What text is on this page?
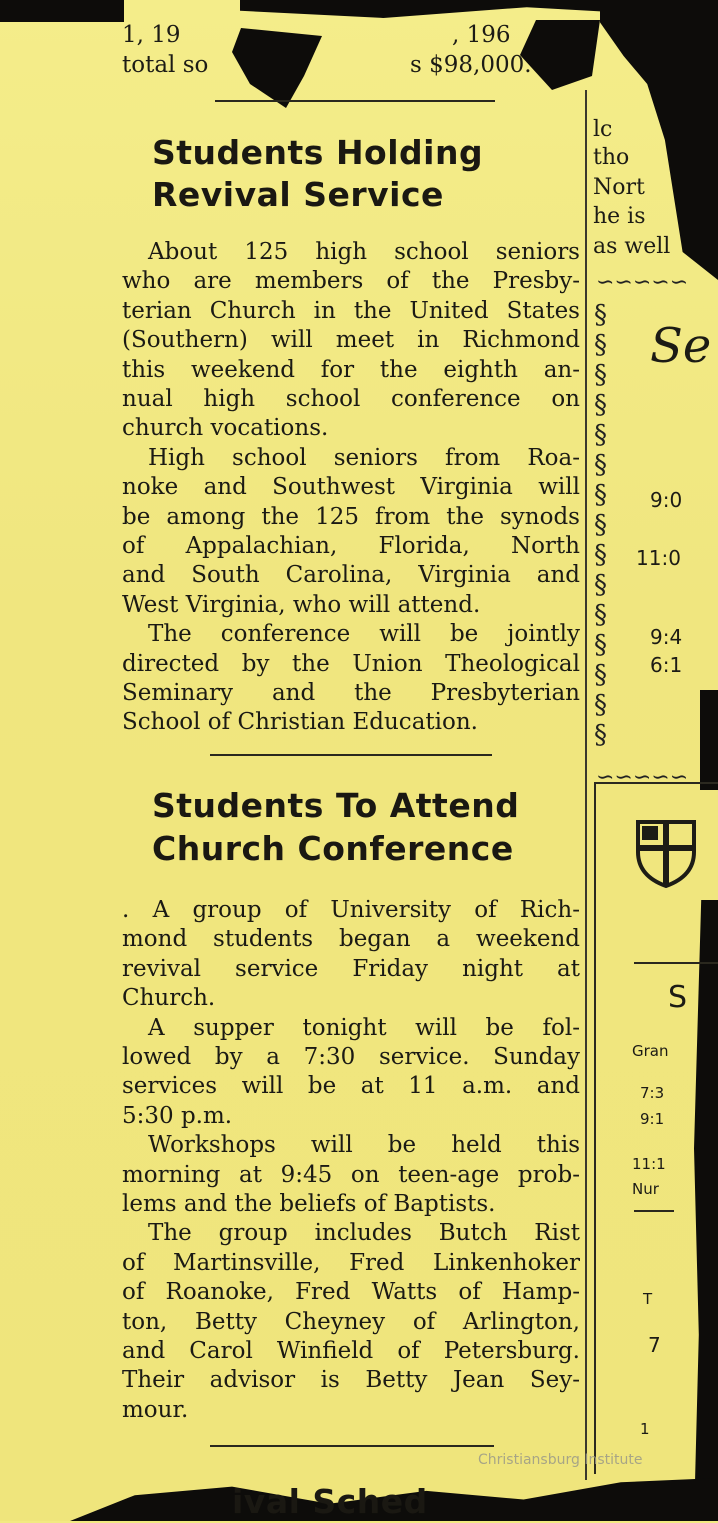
1, 19	, 196
total so	s $98,000.
Students Holding
Revival Service
About 125 high school seniors
who are members of the Presby-
terian Church in the United States
(Southern) will meet in Richmond
this weekend for the eighth an-
nual high school conference on
church vocations.
High school seniors from Roa-
noke and Southwest Virginia will
be among the 125 from the synods
of Appalachian, Florida, North
and South Carolina, Virginia and
West Virginia, who will attend.
The conference will be jointly
directed by the Union Theological
Seminary and the Presbyterian
School of Christian Education.
Students To Attend
Church Conference
. A group of University of Rich-
mond students began a weekend
revival service Friday night at
Church.
A supper tonight will be fol-
lowed by a 7:30 service. Sunday
services will be at 11 a.m. and
5:30 p.m.
Workshops will be held this
morning at 9:45 on teen-age prob-
lems and the beliefs of Baptists.
The group includes Butch Rist
of Martinsville, Fred Linkenhoker
of Roanoke, Fred Watts of Hamp-
ton, Betty Cheyney of Arlington,
and Carol Winfield of Petersburg.
Their advisor is Betty Jean Sey-
mour.
ival Sched
lc
tho
Nort
he is
as well
∽∽∽∽∽
§
§
§
§
§
§
§
§
§
§
§
§
§
§
§
∽∽∽∽∽
Se
9:0
11:0
9:4
6:1
S
Gran
7:3
9:1
11:1
Nur
T
7
1
Christiansburg Institute
